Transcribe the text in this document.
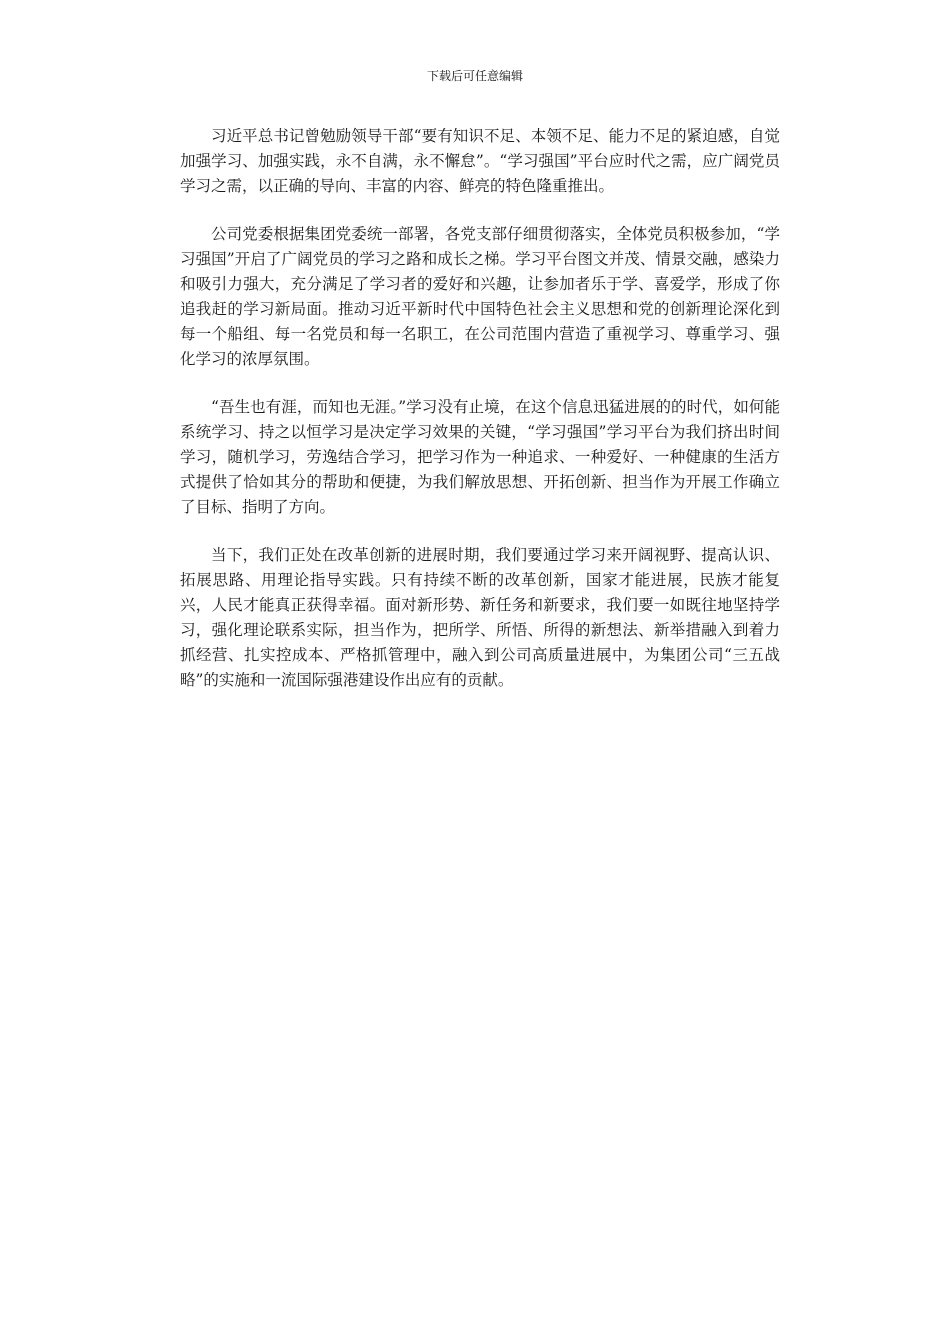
下载后可任意编辑

习近平总书记曾勉励领导干部“要有知识不足、本领不足、能力不足的紧迫感，自觉加强学习、加强实践，永不自满，永不懈怠”。“学习强国”平台应时代之需，应广阔党员学习之需，以正确的导向、丰富的内容、鲜亮的特色隆重推出。

公司党委根据集团党委统一部署，各党支部仔细贯彻落实，全体党员积极参加，“学习强国”开启了广阔党员的学习之路和成长之梯。学习平台图文并茂、情景交融，感染力和吸引力强大，充分满足了学习者的爱好和兴趣，让参加者乐于学、喜爱学，形成了你追我赶的学习新局面。推动习近平新时代中国特色社会主义思想和党的创新理论深化到每一个船组、每一名党员和每一名职工，在公司范围内营造了重视学习、尊重学习、强化学习的浓厚氛围。

“吾生也有涯，而知也无涯。”学习没有止境，在这个信息迅猛进展的的时代，如何能系统学习、持之以恒学习是决定学习效果的关键，“学习强国”学习平台为我们挤出时间学习，随机学习，劳逸结合学习，把学习作为一种追求、一种爱好、一种健康的生活方式提供了恰如其分的帮助和便捷，为我们解放思想、开拓创新、担当作为开展工作确立了目标、指明了方向。

当下，我们正处在改革创新的进展时期，我们要通过学习来开阔视野、提高认识、拓展思路、用理论指导实践。只有持续不断的改革创新，国家才能进展，民族才能复兴，人民才能真正获得幸福。面对新形势、新任务和新要求，我们要一如既往地坚持学习，强化理论联系实际，担当作为，把所学、所悟、所得的新想法、新举措融入到着力抓经营、扎实控成本、严格抓管理中，融入到公司高质量进展中，为集团公司“三五战略”的实施和一流国际强港建设作出应有的贡献。
